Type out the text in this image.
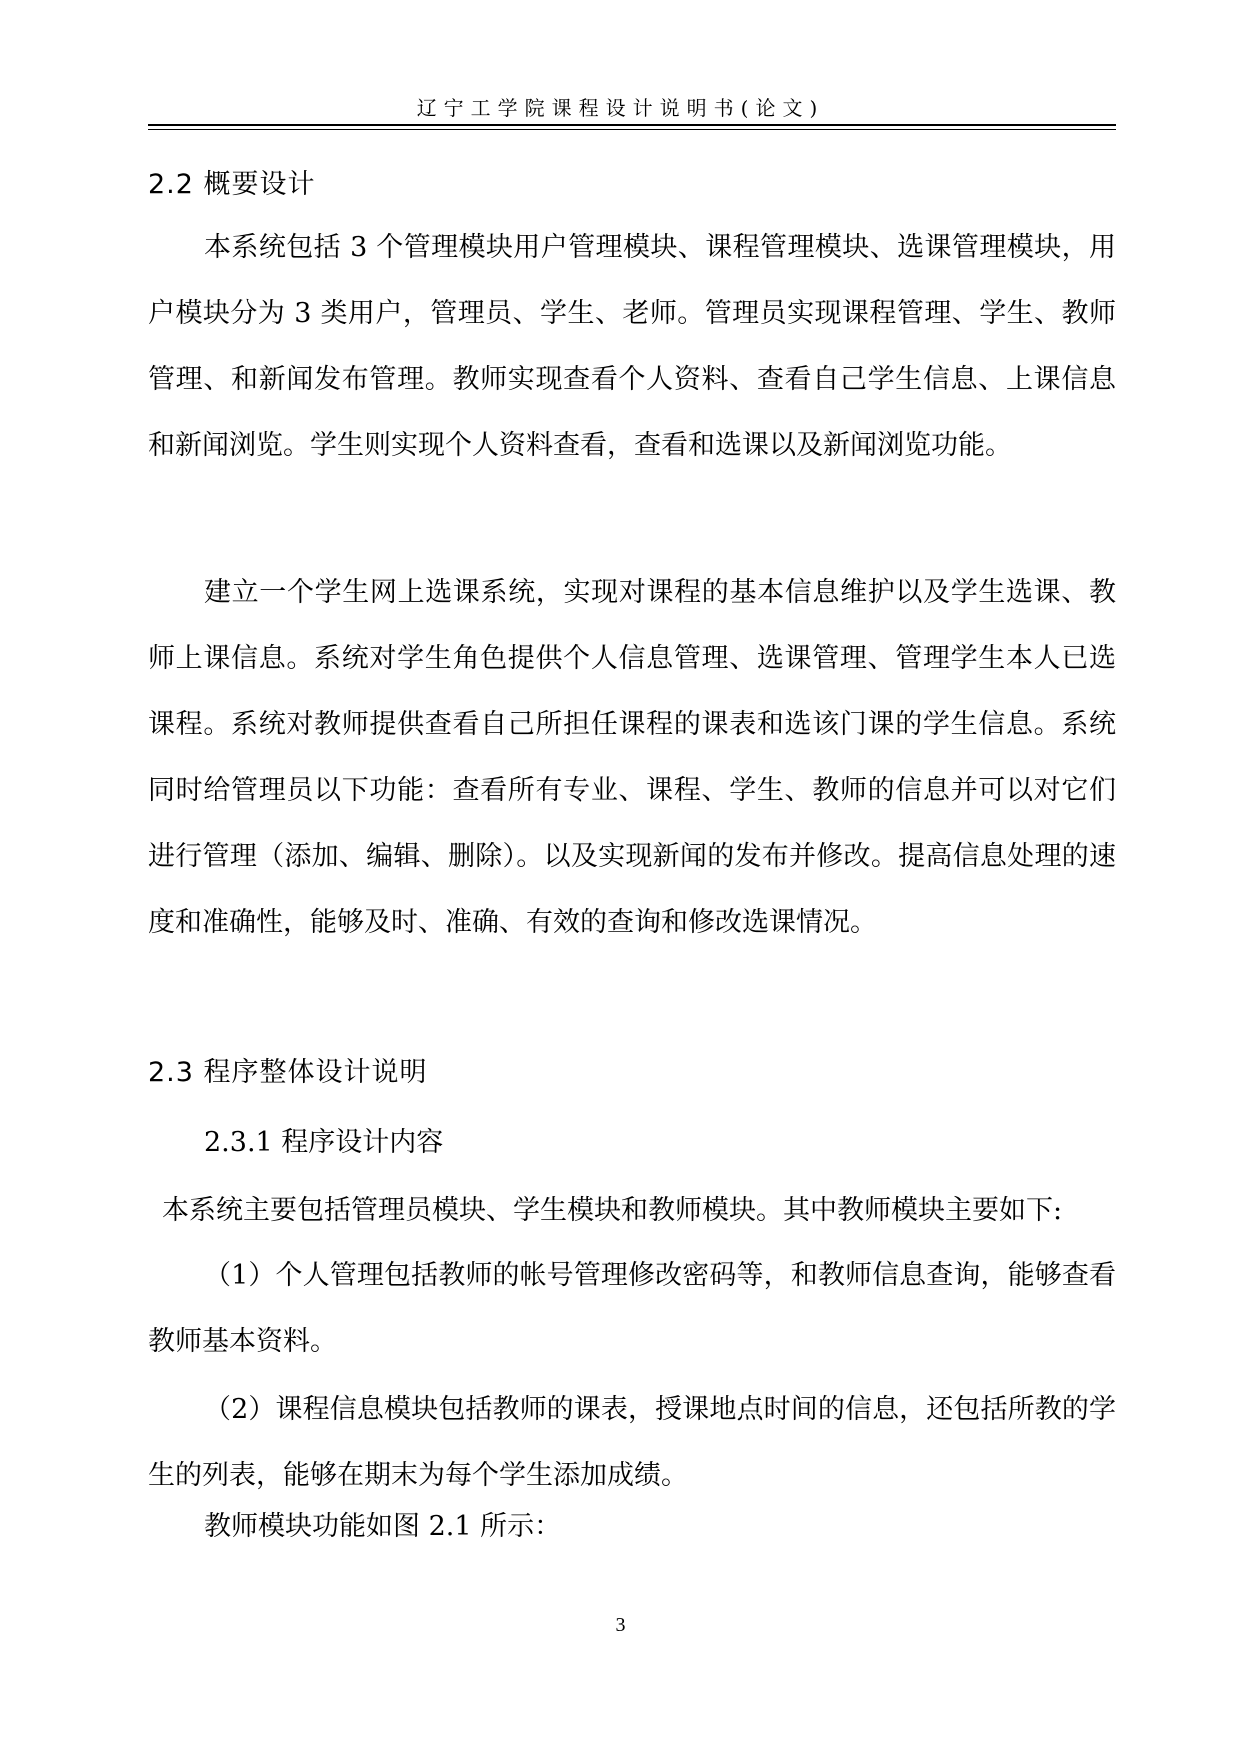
辽宁工学院课程设计说明书(论文)
2.2 概要设计

本系统包括 3 个管理模块用户管理模块、课程管理模块、选课管理模块，用户模块分为 3 类用户，管理员、学生、老师。管理员实现课程管理、学生、教师管理、和新闻发布管理。教师实现查看个人资料、查看自己学生信息、上课信息和新闻浏览。学生则实现个人资料查看，查看和选课以及新闻浏览功能。

建立一个学生网上选课系统，实现对课程的基本信息维护以及学生选课、教师上课信息。系统对学生角色提供个人信息管理、选课管理、管理学生本人已选课程。系统对教师提供查看自己所担任课程的课表和选该门课的学生信息。系统同时给管理员以下功能：查看所有专业、课程、学生、教师的信息并可以对它们进行管理（添加、编辑、删除）。以及实现新闻的发布并修改。提高信息处理的速度和准确性，能够及时、准确、有效的查询和修改选课情况。

2.3 程序整体设计说明
2.3.1 程序设计内容

本系统主要包括管理员模块、学生模块和教师模块。其中教师模块主要如下:

（1）个人管理包括教师的帐号管理修改密码等，和教师信息查询，能够查看教师基本资料。

（2）课程信息模块包括教师的课表，授课地点时间的信息，还包括所教的学生的列表，能够在期末为每个学生添加成绩。

教师模块功能如图 2.1 所示：

3
